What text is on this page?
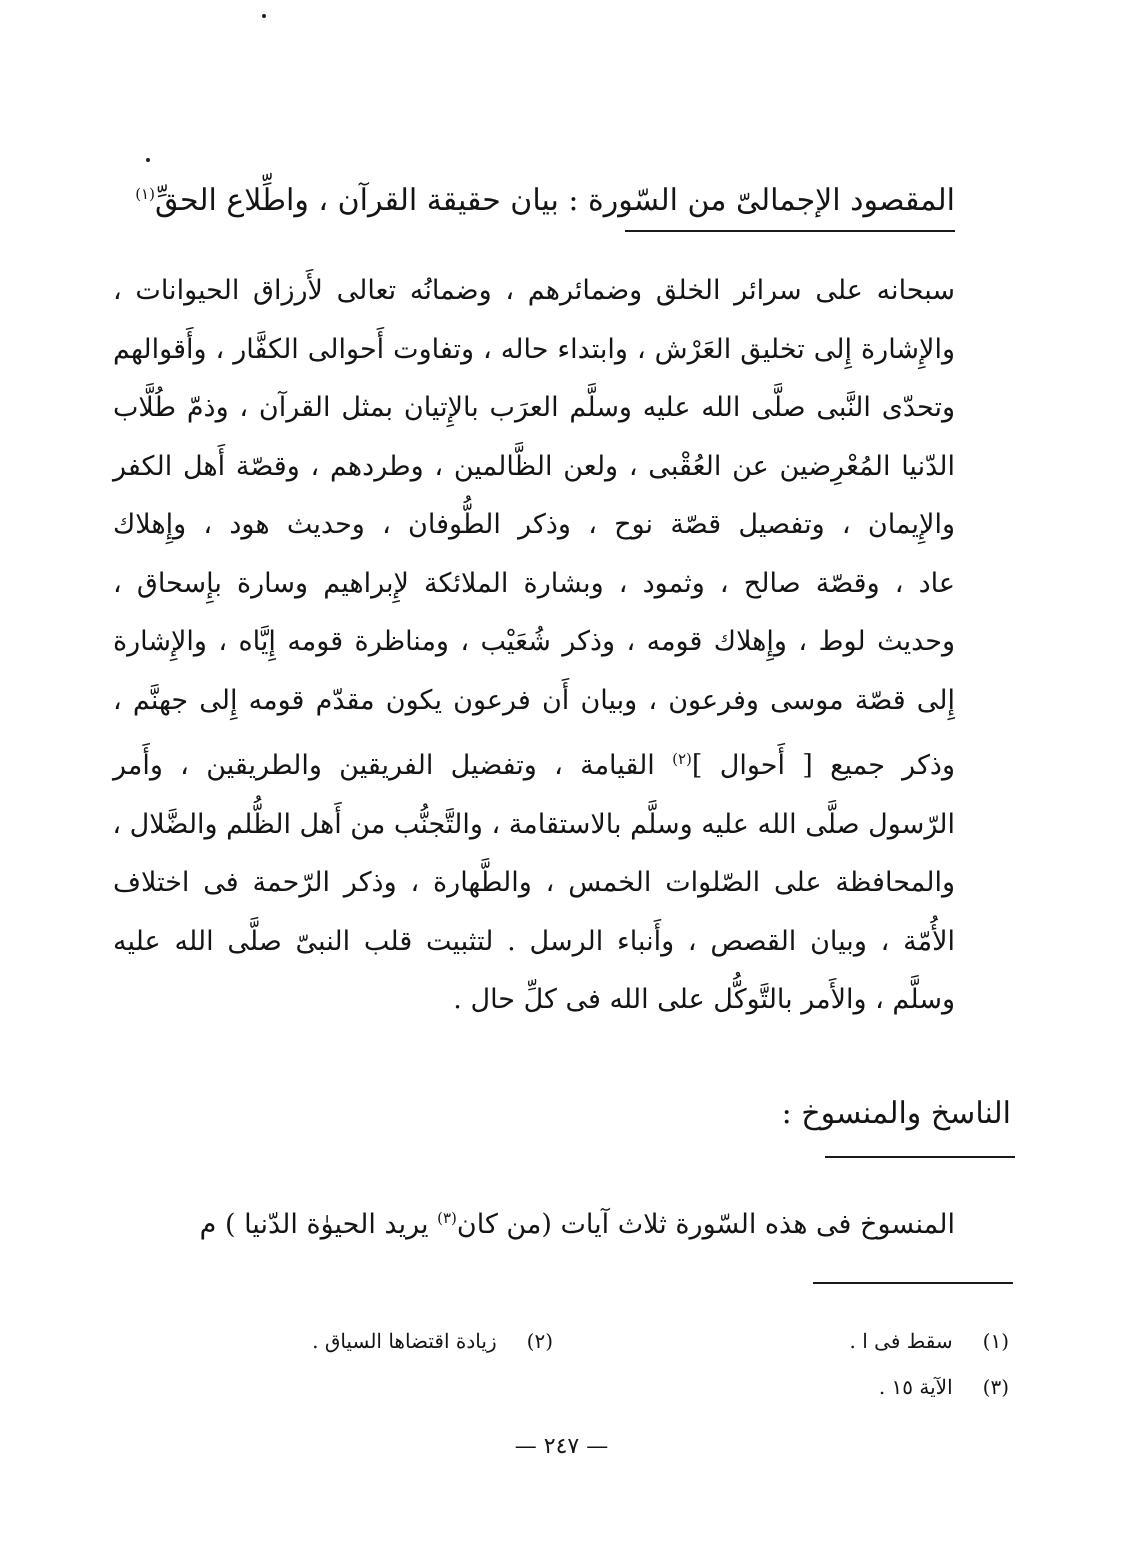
المقصود الإجمالىّ من السّورة : بيان حقيقة القرآن ، واطِّلاع الحقِّ$^{(١)}$
سبحانه على سرائر الخلق وضمائرهم ، وضمانُه تعالى لأَرزاق الحيوانات ،
والإِشارة إِلى تخليق العَرْش ، وابتداء حاله ، وتفاوت أَحوالى الكفَّار ، وأَقوالهم
وتحدّى النَّبى صلَّى الله عليه وسلَّم العرَب بالإِتيان بمثل القرآن ، وذمّ طُلَّاب
الدّنيا المُعْرِضين عن العُقْبى ، ولعن الظَّالمين ، وطردهم ، وقصّة أَهل الكفر
والإِيمان ، وتفصيل قصّة نوح ، وذكر الطُّوفان ، وحديث هود ، وإِهلاك
عاد ، وقصّة صالح ، وثمود ، وبشارة الملائكة لإِبراهيم وسارة بإِسحاق ،
وحديث لوط ، وإِهلاك قومه ، وذكر شُعَيْب ، ومناظرة قومه إِيَّاه ، والإِشارة
إِلى قصّة موسى وفرعون ، وبيان أَن فرعون يكون مقدّم قومه إِلى جهنَّم ،
وذكر جميع [ أَحوال ]$^{(٢)}$ القيامة ، وتفضيل الفريقين والطريقين ، وأَمر
الرّسول صلَّى الله عليه وسلَّم بالاستقامة ، والتَّجنُّب من أَهل الظُّلم والضَّلال ،
والمحافظة على الصّلوات الخمس ، والطَّهارة ، وذكر الرّحمة فى اختلاف
الأُمّة ، وبيان القصص ، وأَنباء الرسل . لتثبيت قلب النبىّ صلَّى الله عليه
وسلَّم ، والأَمر بالتَّوكُّل على الله فى كلِّ حال .
الناسخ والمنسوخ :
المنسوخ فى هذه السّورة ثلاث آيات (من كان$^{(٣)}$ يريد الحيوٰة الدّنيا ) م
(١)سقط فى ا .
(٢)زيادة اقتضاها السياق .
(٣)الآية ١٥ .
— ٢٤٧ —
